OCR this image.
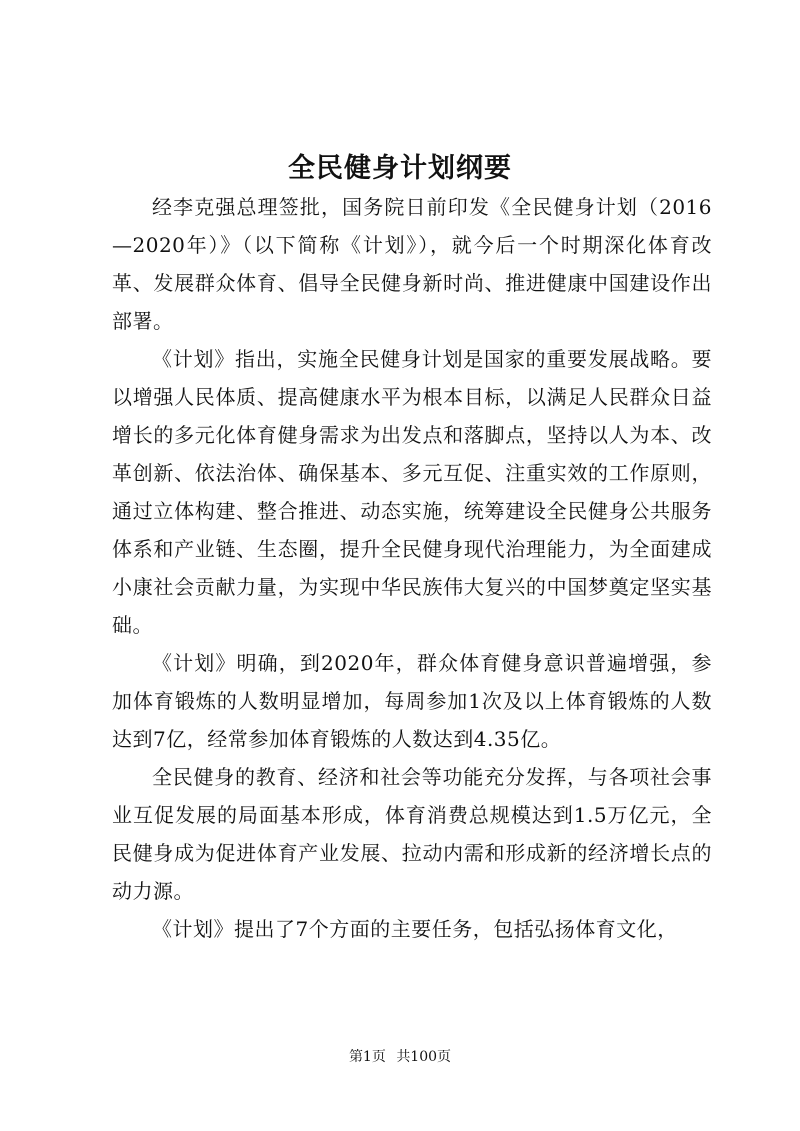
全民健身计划纲要

经李克强总理签批，国务院日前印发《全民健身计划（2016—2020年）》（以下简称《计划》），就今后一个时期深化体育改革、发展群众体育、倡导全民健身新时尚、推进健康中国建设作出部署。

《计划》指出，实施全民健身计划是国家的重要发展战略。要以增强人民体质、提高健康水平为根本目标，以满足人民群众日益增长的多元化体育健身需求为出发点和落脚点，坚持以人为本、改革创新、依法治体、确保基本、多元互促、注重实效的工作原则，通过立体构建、整合推进、动态实施，统筹建设全民健身公共服务体系和产业链、生态圈，提升全民健身现代治理能力，为全面建成小康社会贡献力量，为实现中华民族伟大复兴的中国梦奠定坚实基础。

《计划》明确，到2020年，群众体育健身意识普遍增强，参加体育锻炼的人数明显增加，每周参加1次及以上体育锻炼的人数达到7亿，经常参加体育锻炼的人数达到4.35亿。

全民健身的教育、经济和社会等功能充分发挥，与各项社会事业互促发展的局面基本形成，体育消费总规模达到1.5万亿元，全民健身成为促进体育产业发展、拉动内需和形成新的经济增长点的动力源。

《计划》提出了7个方面的主要任务，包括弘扬体育文化，

第1页 共100页
